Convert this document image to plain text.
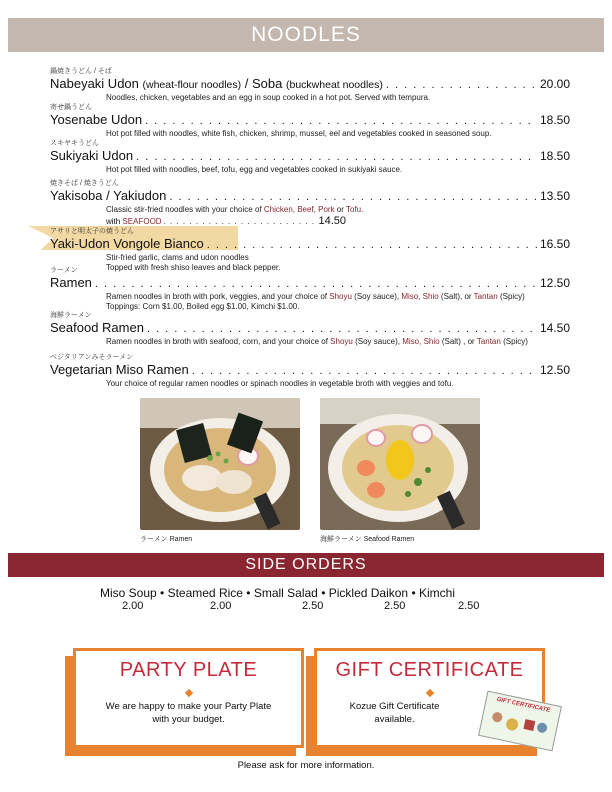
NOODLES
鍋焼きうどん / そば
Nabeyaki Udon (wheat-flour noodles) / Soba (buckwheat noodles) . . .	20.00
Noodles, chicken, vegetables and an egg in soup cooked in a hot pot. Served with tempura.
寄せ鍋うどん
Yosenabe Udon . . .	18.50
Hot pot filled with noodles, white fish, chicken, shrimp, mussel, eel and vegetables cooked in seasoned soup.
スキヤキうどん
Sukiyaki Udon . . .	18.50
Hot pot filled with noodles, beef, tofu, egg and vegetables cooked in sukiyaki sauce.
焼きそば / 焼きうどん
Yakisoba / Yakiudon . . .	13.50
Classic stir-fried noodles with your choice of Chicken, Beef, Pork or Tofu.
with
SEAFOOD . . .	14.50
アサリと明太子の焼うどん
Yaki-Udon Vongole Bianco . . .	16.50
Stir-fried garlic, clams and udon noodles
Topped with fresh shiso leaves and black pepper.
ラーメン
Ramen . . .	12.50
Ramen noodles in broth with pork, veggies, and your choice of Shoyu (Soy sauce), Miso, Shio (Salt), or Tantan (Spicy)
Toppings: Corn $1.00, Boiled egg $1.00, Kimchi $1.00.
海鮮ラーメン
Seafood Ramen . . .	14.50
Ramen noodles in broth with seafood, corn, and your choice of Shoyu (Soy sauce), Miso, Shio (Salt) , or Tantan (Spicy)
ベジタリアンみそラーメン
Vegetarian Miso Ramen . . .	12.50
Your choice of regular ramen noodles or spinach noodles in vegetable broth with veggies and tofu.
ラーメン Ramen	海鮮ラーメン Seafood Ramen
SIDE ORDERS
Miso Soup • Steamed Rice • Small Salad • Pickled Daikon • Kimchi
2.00	2.00	2.50	2.50	2.50
. . .
PARTY PLATE
We are happy to make your Party Plate
with your budget.
GIFT CERTIFICATE
Kozue Gift Certificate
available.
GIFT CERTIFICATE
Please ask for more information.
